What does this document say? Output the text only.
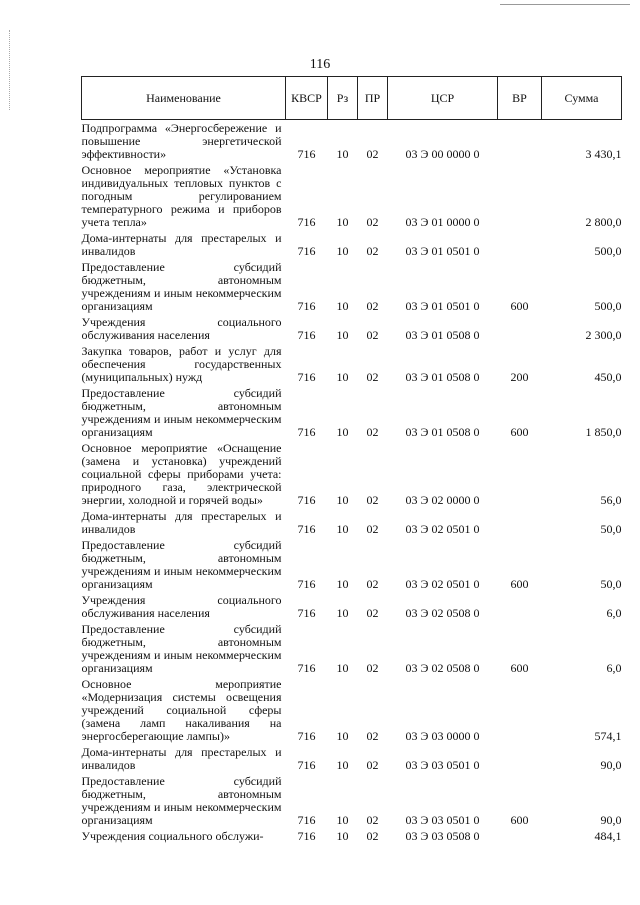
116
Наименование	КВСР	Рз	ПР	ЦСР	ВР	Сумма
Подпрограмма «Энергосбережение и повышение энергетической эффективности»	716	10	02	03 Э 00 0000 0		3 430,1
Основное мероприятие «Установка индивидуальных тепловых пунктов с погодным регулированием температурного режима и приборов учета тепла»	716	10	02	03 Э 01 0000 0		2 800,0
Дома-интернаты для престарелых и инвалидов	716	10	02	03 Э 01 0501 0		500,0
Предоставление субсидий бюджетным, автономным учреждениям и иным некоммерческим организациям	716	10	02	03 Э 01 0501 0	600	500,0
Учреждения социального обслуживания населения	716	10	02	03 Э 01 0508 0		2 300,0
Закупка товаров, работ и услуг для обеспечения государственных (муниципальных) нужд	716	10	02	03 Э 01 0508 0	200	450,0
Предоставление субсидий бюджетным, автономным учреждениям и иным некоммерческим организациям	716	10	02	03 Э 01 0508 0	600	1 850,0
Основное мероприятие «Оснащение (замена и установка) учреждений социальной сферы приборами учета: природного газа, электрической энергии, холодной и горячей воды»	716	10	02	03 Э 02 0000 0		56,0
Дома-интернаты для престарелых и инвалидов	716	10	02	03 Э 02 0501 0		50,0
Предоставление субсидий бюджетным, автономным учреждениям и иным некоммерческим организациям	716	10	02	03 Э 02 0501 0	600	50,0
Учреждения социального обслуживания населения	716	10	02	03 Э 02 0508 0		6,0
Предоставление субсидий бюджетным, автономным учреждениям и иным некоммерческим организациям	716	10	02	03 Э 02 0508 0	600	6,0
Основное мероприятие «Модернизация системы освещения учреждений социальной сферы (замена ламп накаливания на энергосберегающие лампы)»	716	10	02	03 Э 03 0000 0		574,1
Дома-интернаты для престарелых и инвалидов	716	10	02	03 Э 03 0501 0		90,0
Предоставление субсидий бюджетным, автономным учреждениям и иным некоммерческим организациям	716	10	02	03 Э 03 0501 0	600	90,0
Учреждения социального обслужи-	716	10	02	03 Э 03 0508 0		484,1
